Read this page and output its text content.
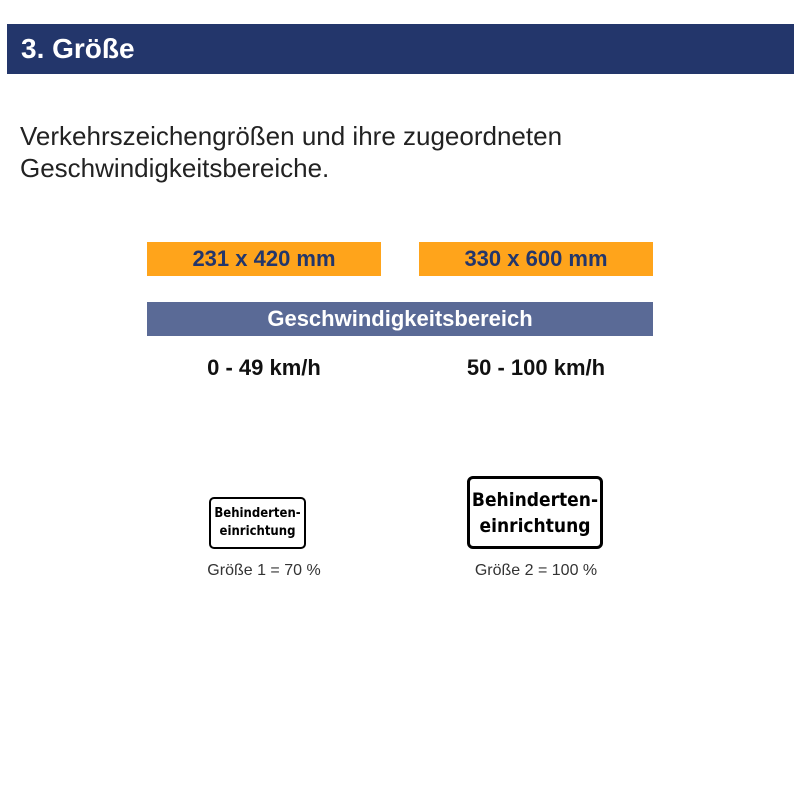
3. Größe
Verkehrszeichengrößen und ihre zugeordneten Geschwindigkeitsbereiche.
231 x 420 mm	330 x 600 mm
Geschwindigkeitsbereich
0 - 49 km/h	50 - 100 km/h
Behinderten-
einrichtung
Behinderten-
einrichtung
Größe 1 = 70 %	Größe 2 = 100 %
